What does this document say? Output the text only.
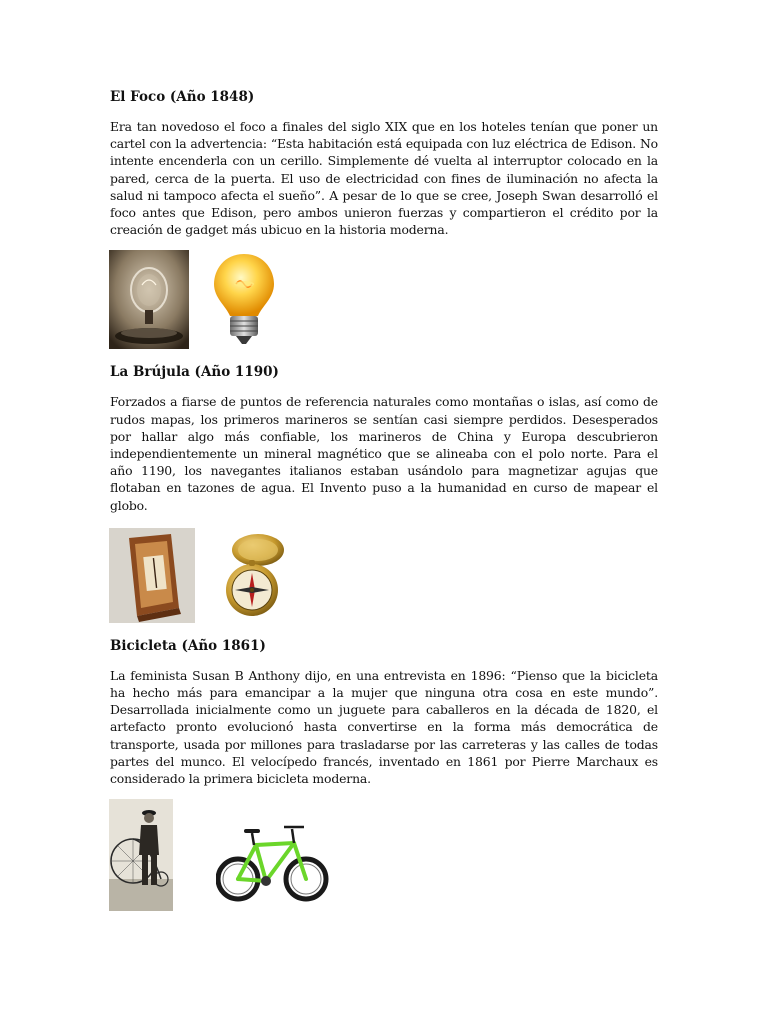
El Foco (Año 1848)

Era tan novedoso el foco a finales del siglo XIX que en los hoteles tenían que poner un cartel con la advertencia: “Esta habitación está equipada con luz eléctrica de Edison. No intente encenderla con un cerillo. Simplemente dé vuelta al interruptor colocado en la pared, cerca de la puerta. El uso de electricidad con fines de iluminación no afecta la salud ni tampoco afecta el sueño”. A pesar de lo que se cree, Joseph Swan desarrolló el foco antes que Edison, pero ambos unieron fuerzas y compartieron el crédito por la creación de gadget más ubicuo en la historia moderna.

La Brújula (Año 1190)

Forzados a fiarse de puntos de referencia naturales como montañas o islas, así como de rudos mapas, los primeros marineros se sentían casi siempre perdidos. Desesperados por hallar algo más confiable, los marineros de China y Europa descubrieron independientemente un mineral magnético que se alineaba con el polo norte. Para el año 1190, los navegantes italianos estaban usándolo para magnetizar agujas que flotaban en tazones de agua. El Invento puso a la humanidad en curso de mapear el globo.

Bicicleta (Año 1861)

La feminista Susan B Anthony dijo, en una entrevista en 1896: “Pienso que la bicicleta ha hecho más para emancipar a la mujer que ninguna otra cosa en este mundo”. Desarrollada inicialmente como un juguete para caballeros en la década de 1820, el artefacto pronto evolucionó hasta convertirse en la forma más democrática de transporte, usada por millones para trasladarse por las carreteras y las calles de todas partes del munco. El velocípedo francés, inventado en 1861 por Pierre Marchaux es considerado la primera bicicleta moderna.
